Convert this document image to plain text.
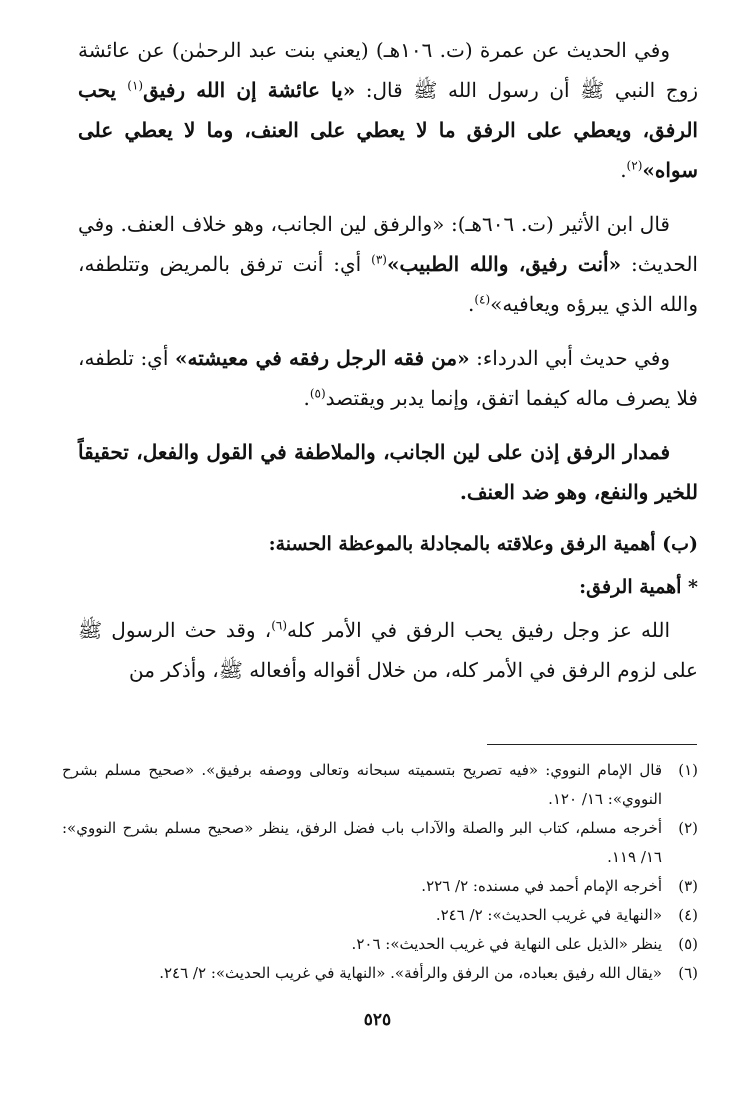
وفي الحديث عن عمرة (ت. ١٠٦هـ) (يعني بنت عبد الرحمٰن) عن عائشة زوج النبي ﷺ أن رسول الله ﷺ قال: «يا عائشة إن الله رفيق$^{(١)}$ يحب الرفق، ويعطي على الرفق ما لا يعطي على العنف، وما لا يعطي على سواه»$^{(٢)}$.

قال ابن الأثير (ت. ٦٠٦هـ): «والرفق لين الجانب، وهو خلاف العنف. وفي الحديث: «أنت رفيق، والله الطبيب»$^{(٣)}$ أي: أنت ترفق بالمريض وتتلطفه، والله الذي يبرؤه ويعافيه»$^{(٤)}$.

وفي حديث أبي الدرداء: «من فقه الرجل رفقه في معيشته» أي: تلطفه، فلا يصرف ماله كيفما اتفق، وإنما يدبر ويقتصد$^{(٥)}$.

فمدار الرفق إذن على لين الجانب، والملاطفة في القول والفعل، تحقيقاً للخير والنفع، وهو ضد العنف.

(ب) أهمية الرفق وعلاقته بالمجادلة بالموعظة الحسنة:
* أهمية الرفق:

الله عز وجل رفيق يحب الرفق في الأمر كله$^{(٦)}$، وقد حث الرسول ﷺ على لزوم الرفق في الأمر كله، من خلال أقواله وأفعاله ﷺ، وأذكر من

(١)
قال الإمام النووي: «فيه تصريح بتسميته سبحانه وتعالى ووصفه برفيق». «صحيح مسلم بشرح النووي»: ١٦/ ١٢٠.
(٢)
أخرجه مسلم، كتاب البر والصلة والآداب باب فضل الرفق، ينظر «صحيح مسلم بشرح النووي»: ١٦/ ١١٩.
(٣)
أخرجه الإمام أحمد في مسنده: ٢/ ٢٢٦.
(٤)
«النهاية في غريب الحديث»: ٢/ ٢٤٦.
(٥)
ينظر «الذيل على النهاية في غريب الحديث»: ٢٠٦.
(٦)
«يقال الله رفيق بعباده، من الرفق والرأفة». «النهاية في غريب الحديث»: ٢/ ٢٤٦.
٥٢٥
